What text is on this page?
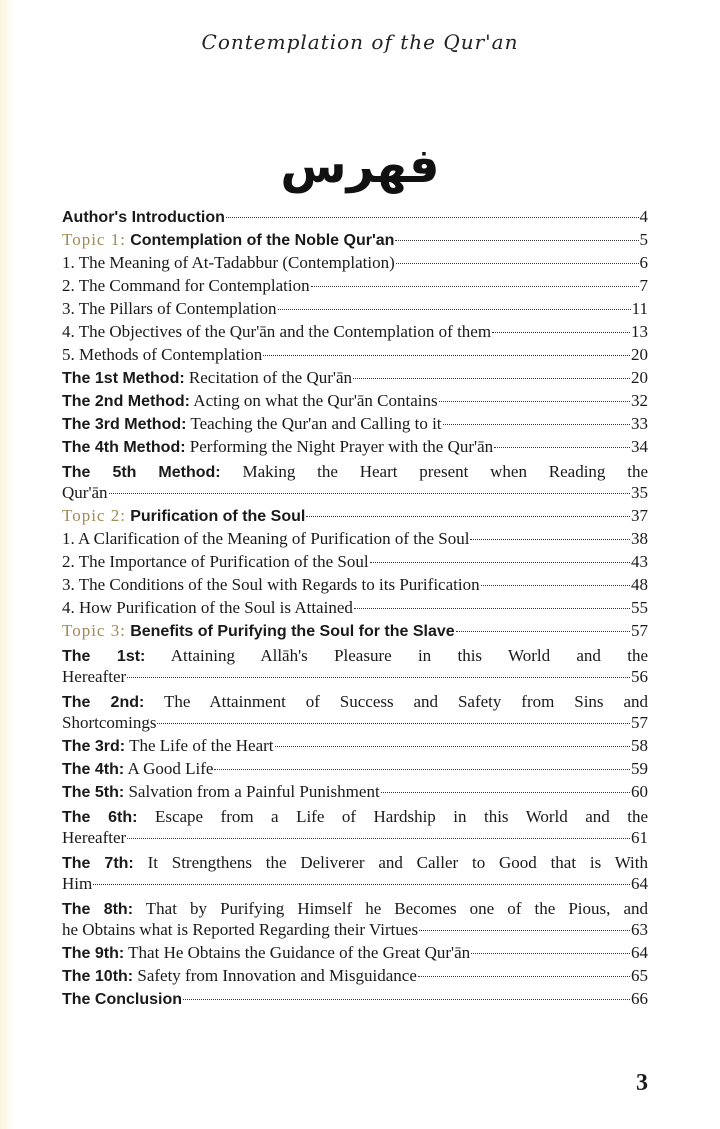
Contemplation of the Qur'an
فهرس
Author's Introduction	4
Topic 1: Contemplation of the Noble Qur'an	5
1. The Meaning of At-Tadabbur (Contemplation)	6
2. The Command for Contemplation	7
3. The Pillars of Contemplation	11
4. The Objectives of the Qur'ān and the Contemplation of them	13
5. Methods of Contemplation	20
The 1st Method: Recitation of the Qur'ān	20
The 2nd Method: Acting on what the Qur'ān Contains	32
The 3rd Method: Teaching the Qur'an and Calling to it	33
The 4th Method: Performing the Night Prayer with the Qur'ān	34
The 5th Method: Making the Heart present when Reading the
Qur'ān	35
Topic 2: Purification of the Soul	37
1. A Clarification of the Meaning of Purification of the Soul	38
2. The Importance of Purification of the Soul	43
3. The Conditions of the Soul with Regards to its Purification	48
4. How Purification of the Soul is Attained	55
Topic 3: Benefits of Purifying the Soul for the Slave	57
The 1st: Attaining Allāh's Pleasure in this World and the
Hereafter	56
The 2nd: The Attainment of Success and Safety from Sins and
Shortcomings	57
The 3rd: The Life of the Heart	58
The 4th: A Good Life	59
The 5th: Salvation from a Painful Punishment	60
The 6th: Escape from a Life of Hardship in this World and the
Hereafter	61
The 7th: It Strengthens the Deliverer and Caller to Good that is With
Him	64
The 8th: That by Purifying Himself he Becomes one of the Pious, and
he Obtains what is Reported Regarding their Virtues	63
The 9th: That He Obtains the Guidance of the Great Qur'ān	64
The 10th: Safety from Innovation and Misguidance	65
The Conclusion	66
3
